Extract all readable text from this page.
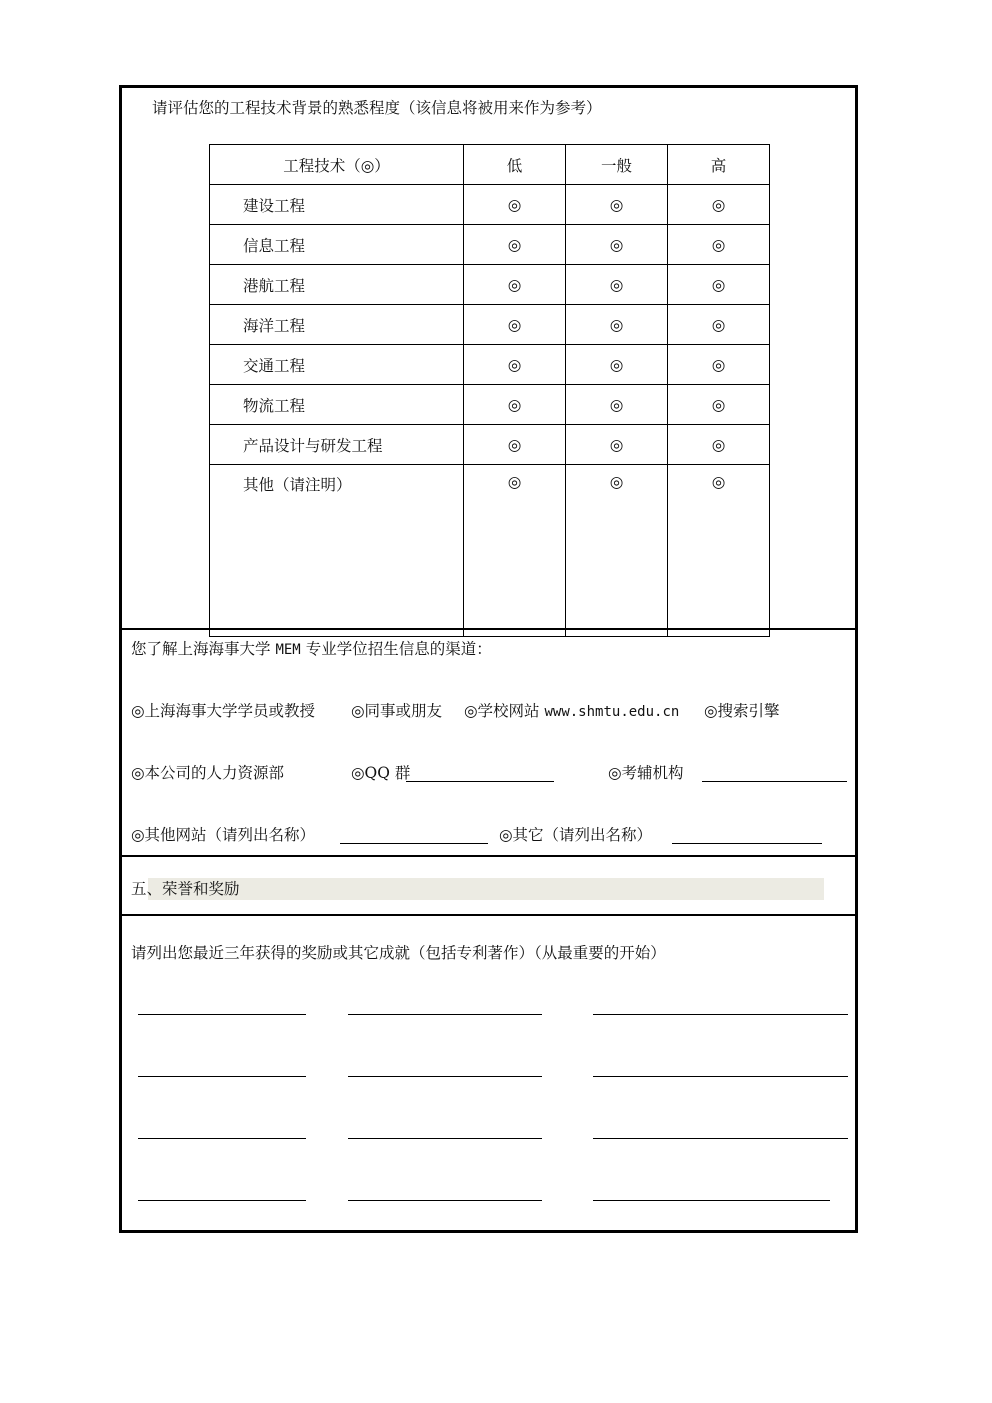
请评估您的工程技术背景的熟悉程度（该信息将被用来作为参考）
工程技术（◎）	低	一般	高
建设工程	◎	◎	◎
信息工程	◎	◎	◎
港航工程	◎	◎	◎
海洋工程	◎	◎	◎
交通工程	◎	◎	◎
物流工程	◎	◎	◎
产品设计与研发工程	◎	◎	◎
其他（请注明）	◎	◎	◎
您了解上海海事大学 MEM 专业学位招生信息的渠道：
◎上海海事大学学员或教授 ◎同事或朋友 ◎学校网站 www.shmtu.edu.cn ◎搜索引擎
◎本公司的人力资源部	◎QQ 群	◎考辅机构
◎其他网站（请列出名称）	◎其它（请列出名称）
五、荣誉和奖励
请列出您最近三年获得的奖励或其它成就（包括专利著作）（从最重要的开始）
